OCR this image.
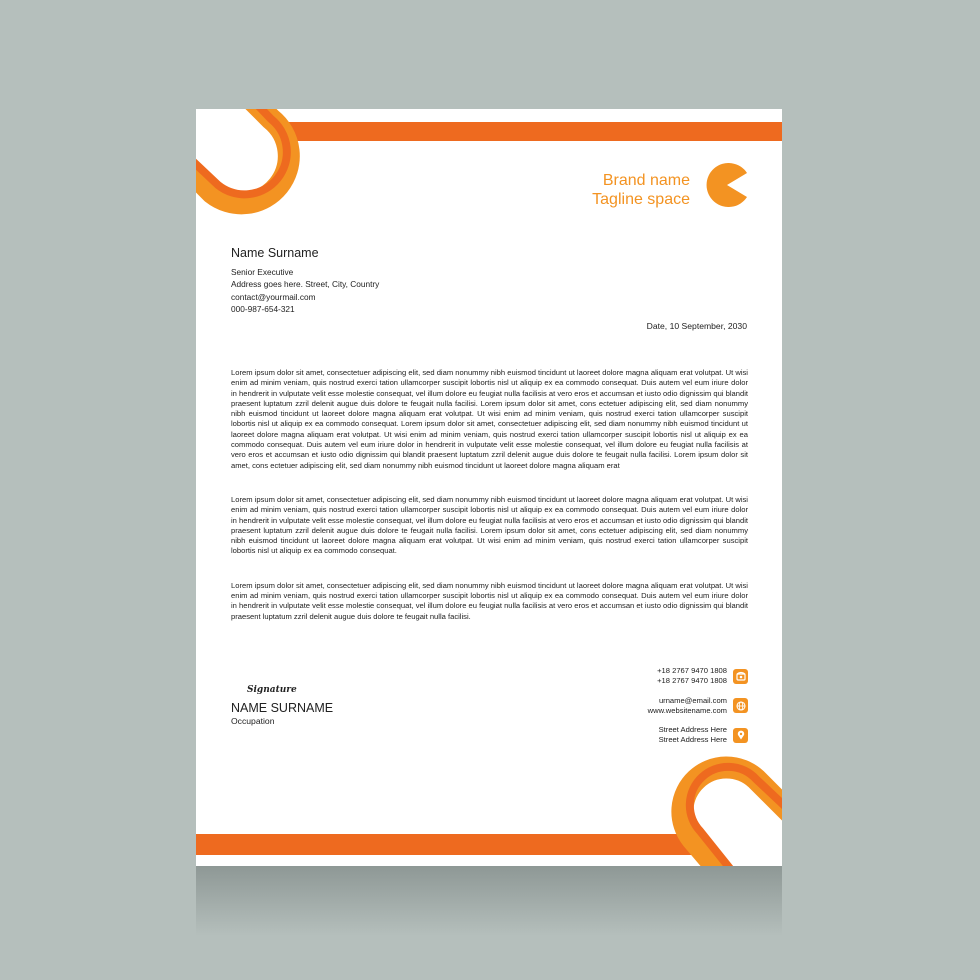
Brand name
Tagline space
Name Surname
Senior Executive
Address goes here. Street, City, Country
contact@yourmail.com
000-987-654-321
Date, 10 September, 2030

Lorem ipsum dolor sit amet, consectetuer adipiscing elit, sed diam nonummy nibh euismod tincidunt ut laoreet dolore magna aliquam erat volutpat. Ut wisi enim ad minim veniam, quis nostrud exerci tation ullamcorper suscipit lobortis nisl ut aliquip ex ea commodo consequat. Duis autem vel eum iriure dolor in hendrerit in vulputate velit esse molestie consequat, vel illum dolore eu feugiat nulla facilisis at vero eros et accumsan et iusto odio dignissim qui blandit praesent luptatum zzril delenit augue duis dolore te feugait nulla facilisi. Lorem ipsum dolor sit amet, cons ectetuer adipiscing elit, sed diam nonummy nibh euismod tincidunt ut laoreet dolore magna aliquam erat volutpat. Ut wisi enim ad minim veniam, quis nostrud exerci tation ullamcorper suscipit lobortis nisl ut aliquip ex ea commodo consequat. Lorem ipsum dolor sit amet, consectetuer adipiscing elit, sed diam nonummy nibh euismod tincidunt ut laoreet dolore magna aliquam erat volutpat. Ut wisi enim ad minim veniam, quis nostrud exerci tation ullamcorper suscipit lobortis nisl ut aliquip ex ea commodo consequat. Duis autem vel eum iriure dolor in hendrerit in vulputate velit esse molestie consequat, vel illum dolore eu feugiat nulla facilisis at vero eros et accumsan et iusto odio dignissim qui blandit praesent luptatum zzril delenit augue duis dolore te feugait nulla facilisi. Lorem ipsum dolor sit amet, cons ectetuer adipiscing elit, sed diam nonummy nibh euismod tincidunt ut laoreet dolore magna aliquam erat

Lorem ipsum dolor sit amet, consectetuer adipiscing elit, sed diam nonummy nibh euismod tincidunt ut laoreet dolore magna aliquam erat volutpat. Ut wisi enim ad minim veniam, quis nostrud exerci tation ullamcorper suscipit lobortis nisl ut aliquip ex ea commodo consequat. Duis autem vel eum iriure dolor in hendrerit in vulputate velit esse molestie consequat, vel illum dolore eu feugiat nulla facilisis at vero eros et accumsan et iusto odio dignissim qui blandit praesent luptatum zzril delenit augue duis dolore te feugait nulla facilisi. Lorem ipsum dolor sit amet, cons ectetuer adipiscing elit, sed diam nonummy nibh euismod tincidunt ut laoreet dolore magna aliquam erat volutpat. Ut wisi enim ad minim veniam, quis nostrud exerci tation ullamcorper suscipit lobortis nisl ut aliquip ex ea commodo consequat.

Lorem ipsum dolor sit amet, consectetuer adipiscing elit, sed diam nonummy nibh euismod tincidunt ut laoreet dolore magna aliquam erat volutpat. Ut wisi enim ad minim veniam, quis nostrud exerci tation ullamcorper suscipit lobortis nisl ut aliquip ex ea commodo consequat. Duis autem vel eum iriure dolor in hendrerit in vulputate velit esse molestie consequat, vel illum dolore eu feugiat nulla facilisis at vero eros et accumsan et iusto odio dignissim qui blandit praesent luptatum zzril delenit augue duis dolore te feugait nulla facilisi.

Signature
NAME SURNAME
Occupation
+18 2767 9470 1808
+18 2767 9470 1808
urname@email.com
www.websitename.com
Street Address Here
Street Address Here
